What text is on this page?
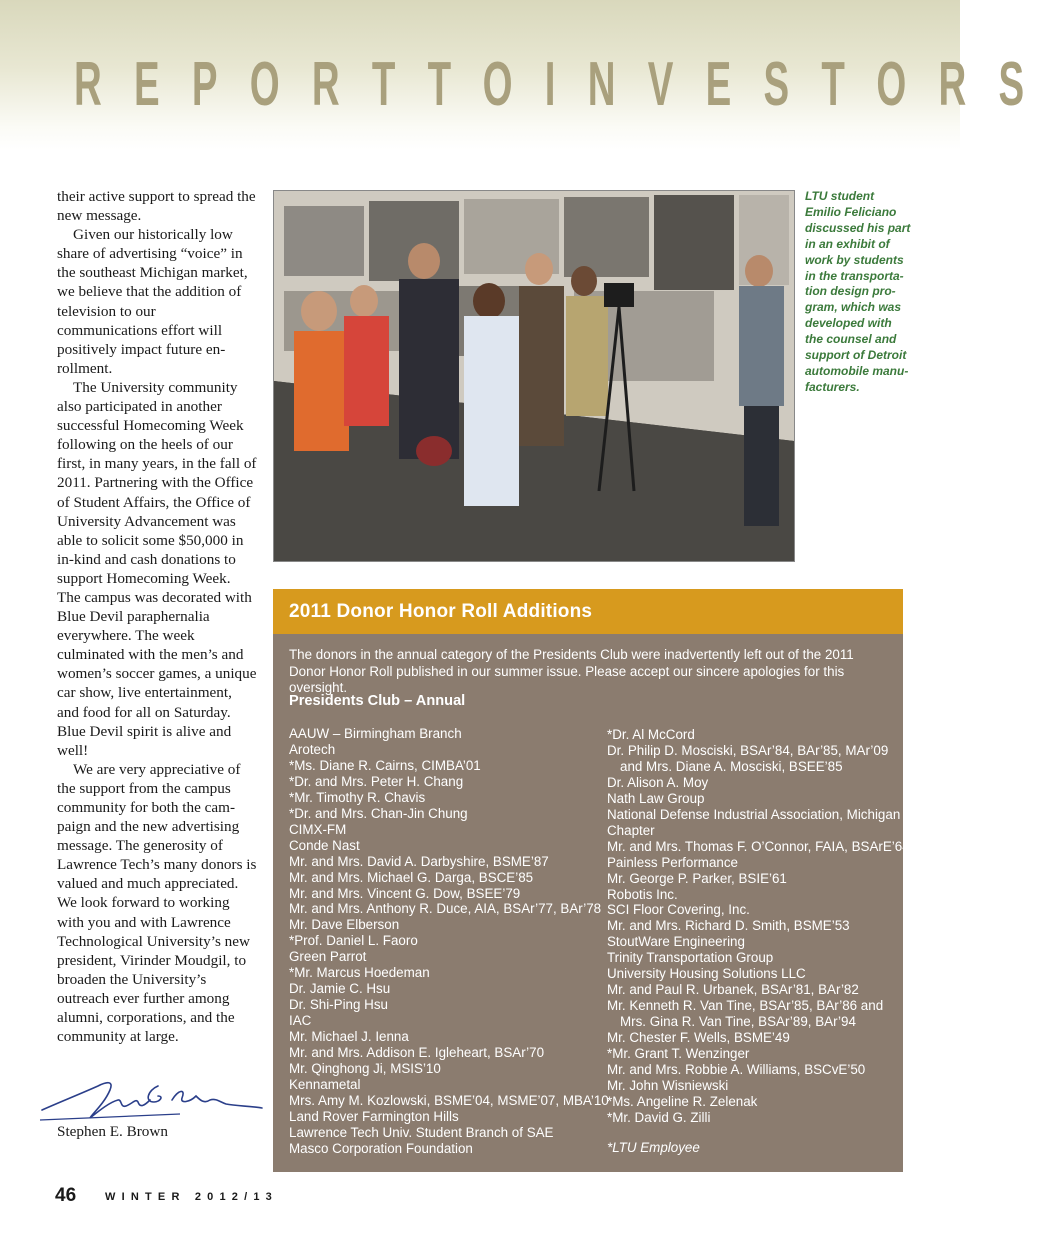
REPORT TO INVESTORS

their active support to spread the new message.

Given our historically low share of advertising “voice” in the southeast Michigan market, we believe that the addition of television to our communications effort will positively impact future enrollment.

The University community also participated in another successful Homecoming Week following on the heels of our first, in many years, in the fall of 2011. Partnering with the Office of Student Affairs, the Office of University Advancement was able to solicit some $50,000 in in-kind and cash donations to support Homecoming Week. The campus was decorated with Blue Devil paraphernalia everywhere. The week culminated with the men’s and women’s soccer games, a unique car show, live entertainment, and food for all on Saturday. Blue Devil spirit is alive and well!

We are very appreciative of the support from the campus community for both the campaign and the new advertising message. The generosity of Lawrence Tech’s many donors is valued and much appreciated. We look forward to working with you and with Lawrence Technological University’s new president, Virinder Moudgil, to broaden the University’s outreach ever further among alumni, corporations, and the community at large.

Stephen E. Brown
LTU student
Emilio Feliciano
discussed his part
in an exhibit of
work by students
in the transporta-
tion design pro-
gram, which was
developed with
the counsel and
support of Detroit
automobile manu-
facturers.
2011 Donor Honor Roll Additions
The donors in the annual category of the Presidents Club were inadvertently left out of the 2011 Donor Honor Roll published in our summer issue. Please accept our sincere apologies for this oversight.
Presidents Club – Annual
AAUW – Birmingham Branch
Arotech
*Ms. Diane R. Cairns, CIMBA’01
*Dr. and Mrs. Peter H. Chang
*Mr. Timothy R. Chavis
*Dr. and Mrs. Chan-Jin Chung
CIMX-FM
Conde Nast
Mr. and Mrs. David A. Darbyshire, BSME’87
Mr. and Mrs. Michael G. Darga, BSCE’85
Mr. and Mrs. Vincent G. Dow, BSEE’79
Mr. and Mrs. Anthony R. Duce, AIA, BSAr’77, BAr’78
Mr. Dave Elberson
*Prof. Daniel L. Faoro
Green Parrot
*Mr. Marcus Hoedeman
Dr. Jamie C. Hsu
Dr. Shi-Ping Hsu
IAC
Mr. Michael J. Ienna
Mr. and Mrs. Addison E. Igleheart, BSAr’70
Mr. Qinghong Ji, MSIS’10
Kennametal
Mrs. Amy M. Kozlowski, BSME’04, MSME’07, MBA’10
Land Rover Farmington Hills
Lawrence Tech Univ. Student Branch of SAE
Masco Corporation Foundation
*Dr. Al McCord
Dr. Philip D. Mosciski, BSAr’84, BAr’85, MAr’09
and Mrs. Diane A. Mosciski, BSEE’85
Dr. Alison A. Moy
Nath Law Group
National Defense Industrial Association, Michigan
Chapter
Mr. and Mrs. Thomas F. O’Connor, FAIA, BSArE’64
Painless Performance
Mr. George P. Parker, BSIE’61
Robotis Inc.
SCI Floor Covering, Inc.
Mr. and Mrs. Richard D. Smith, BSME’53
StoutWare Engineering
Trinity Transportation Group
University Housing Solutions LLC
Mr. and Paul R. Urbanek, BSAr’81, BAr’82
Mr. Kenneth R. Van Tine, BSAr’85, BAr’86 and
Mrs. Gina R. Van Tine, BSAr’89, BAr’94
Mr. Chester F. Wells, BSME’49
*Mr. Grant T. Wenzinger
Mr. and Mrs. Robbie A. Williams, BSCvE’50
Mr. John Wisniewski
*Ms. Angeline R. Zelenak
*Mr. David G. Zilli
*LTU Employee
46	WINTER 2012/13
